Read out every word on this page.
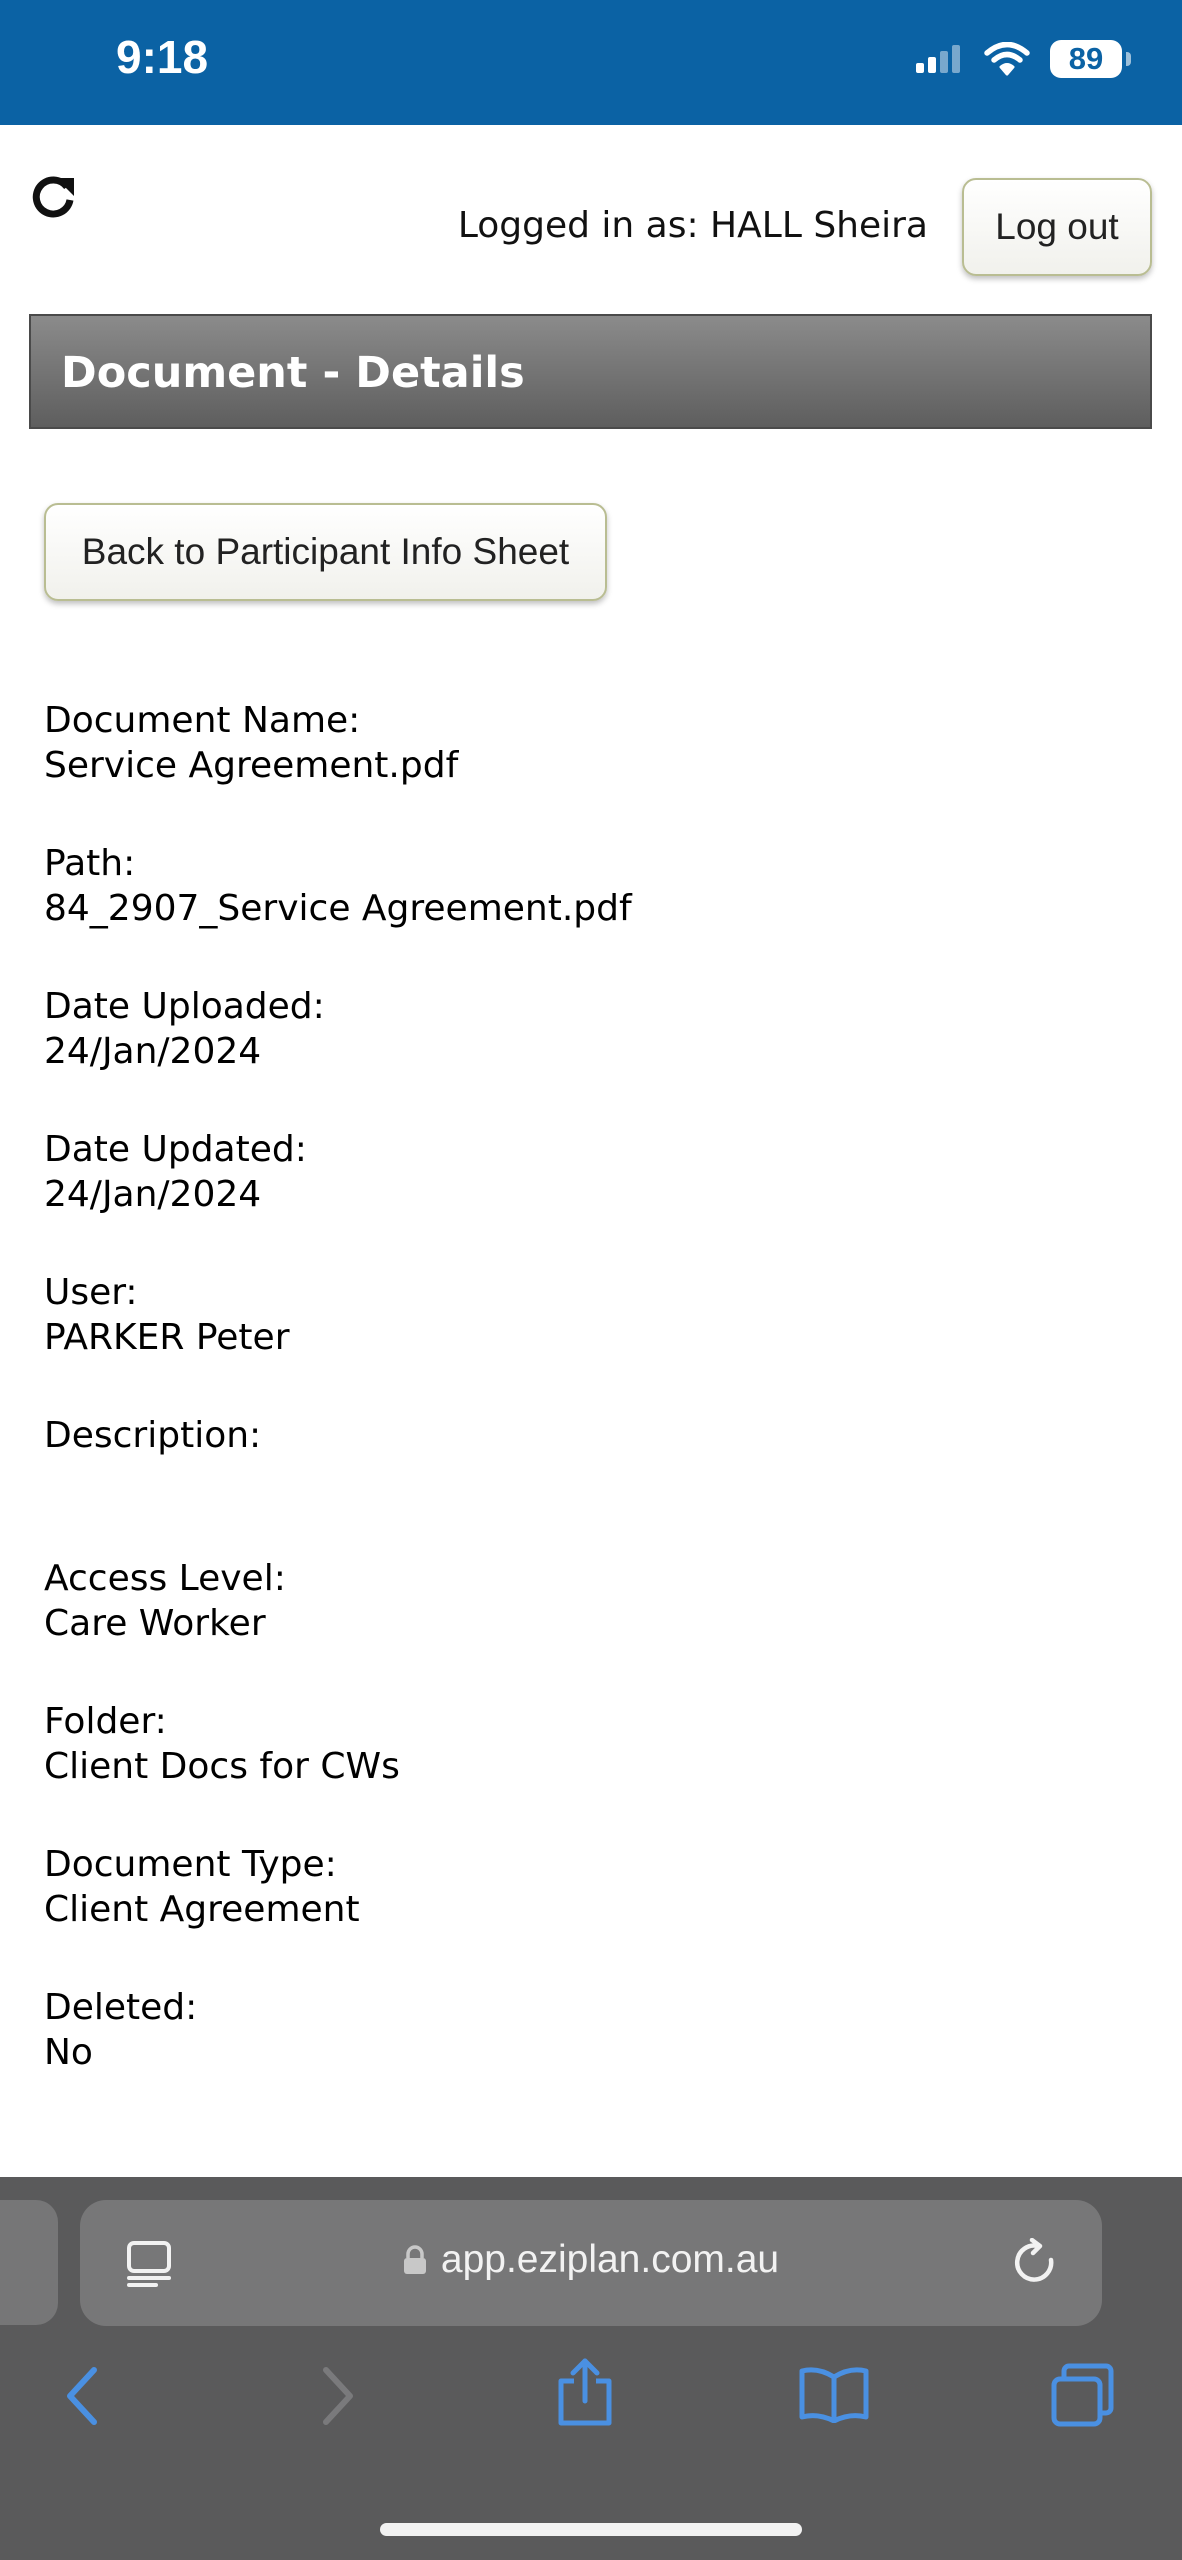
9:18	89
Logged in as: HALL Sheira	Log out
Document - Details
Back to Participant Info Sheet
Document Name:
Service Agreement.pdf
Path:
84_2907_Service Agreement.pdf
Date Uploaded:
24/Jan/2024
Date Updated:
24/Jan/2024
User:
PARKER Peter
Description:
Access Level:
Care Worker
Folder:
Client Docs for CWs
Document Type:
Client Agreement
Deleted:
No
app.eziplan.com.au
